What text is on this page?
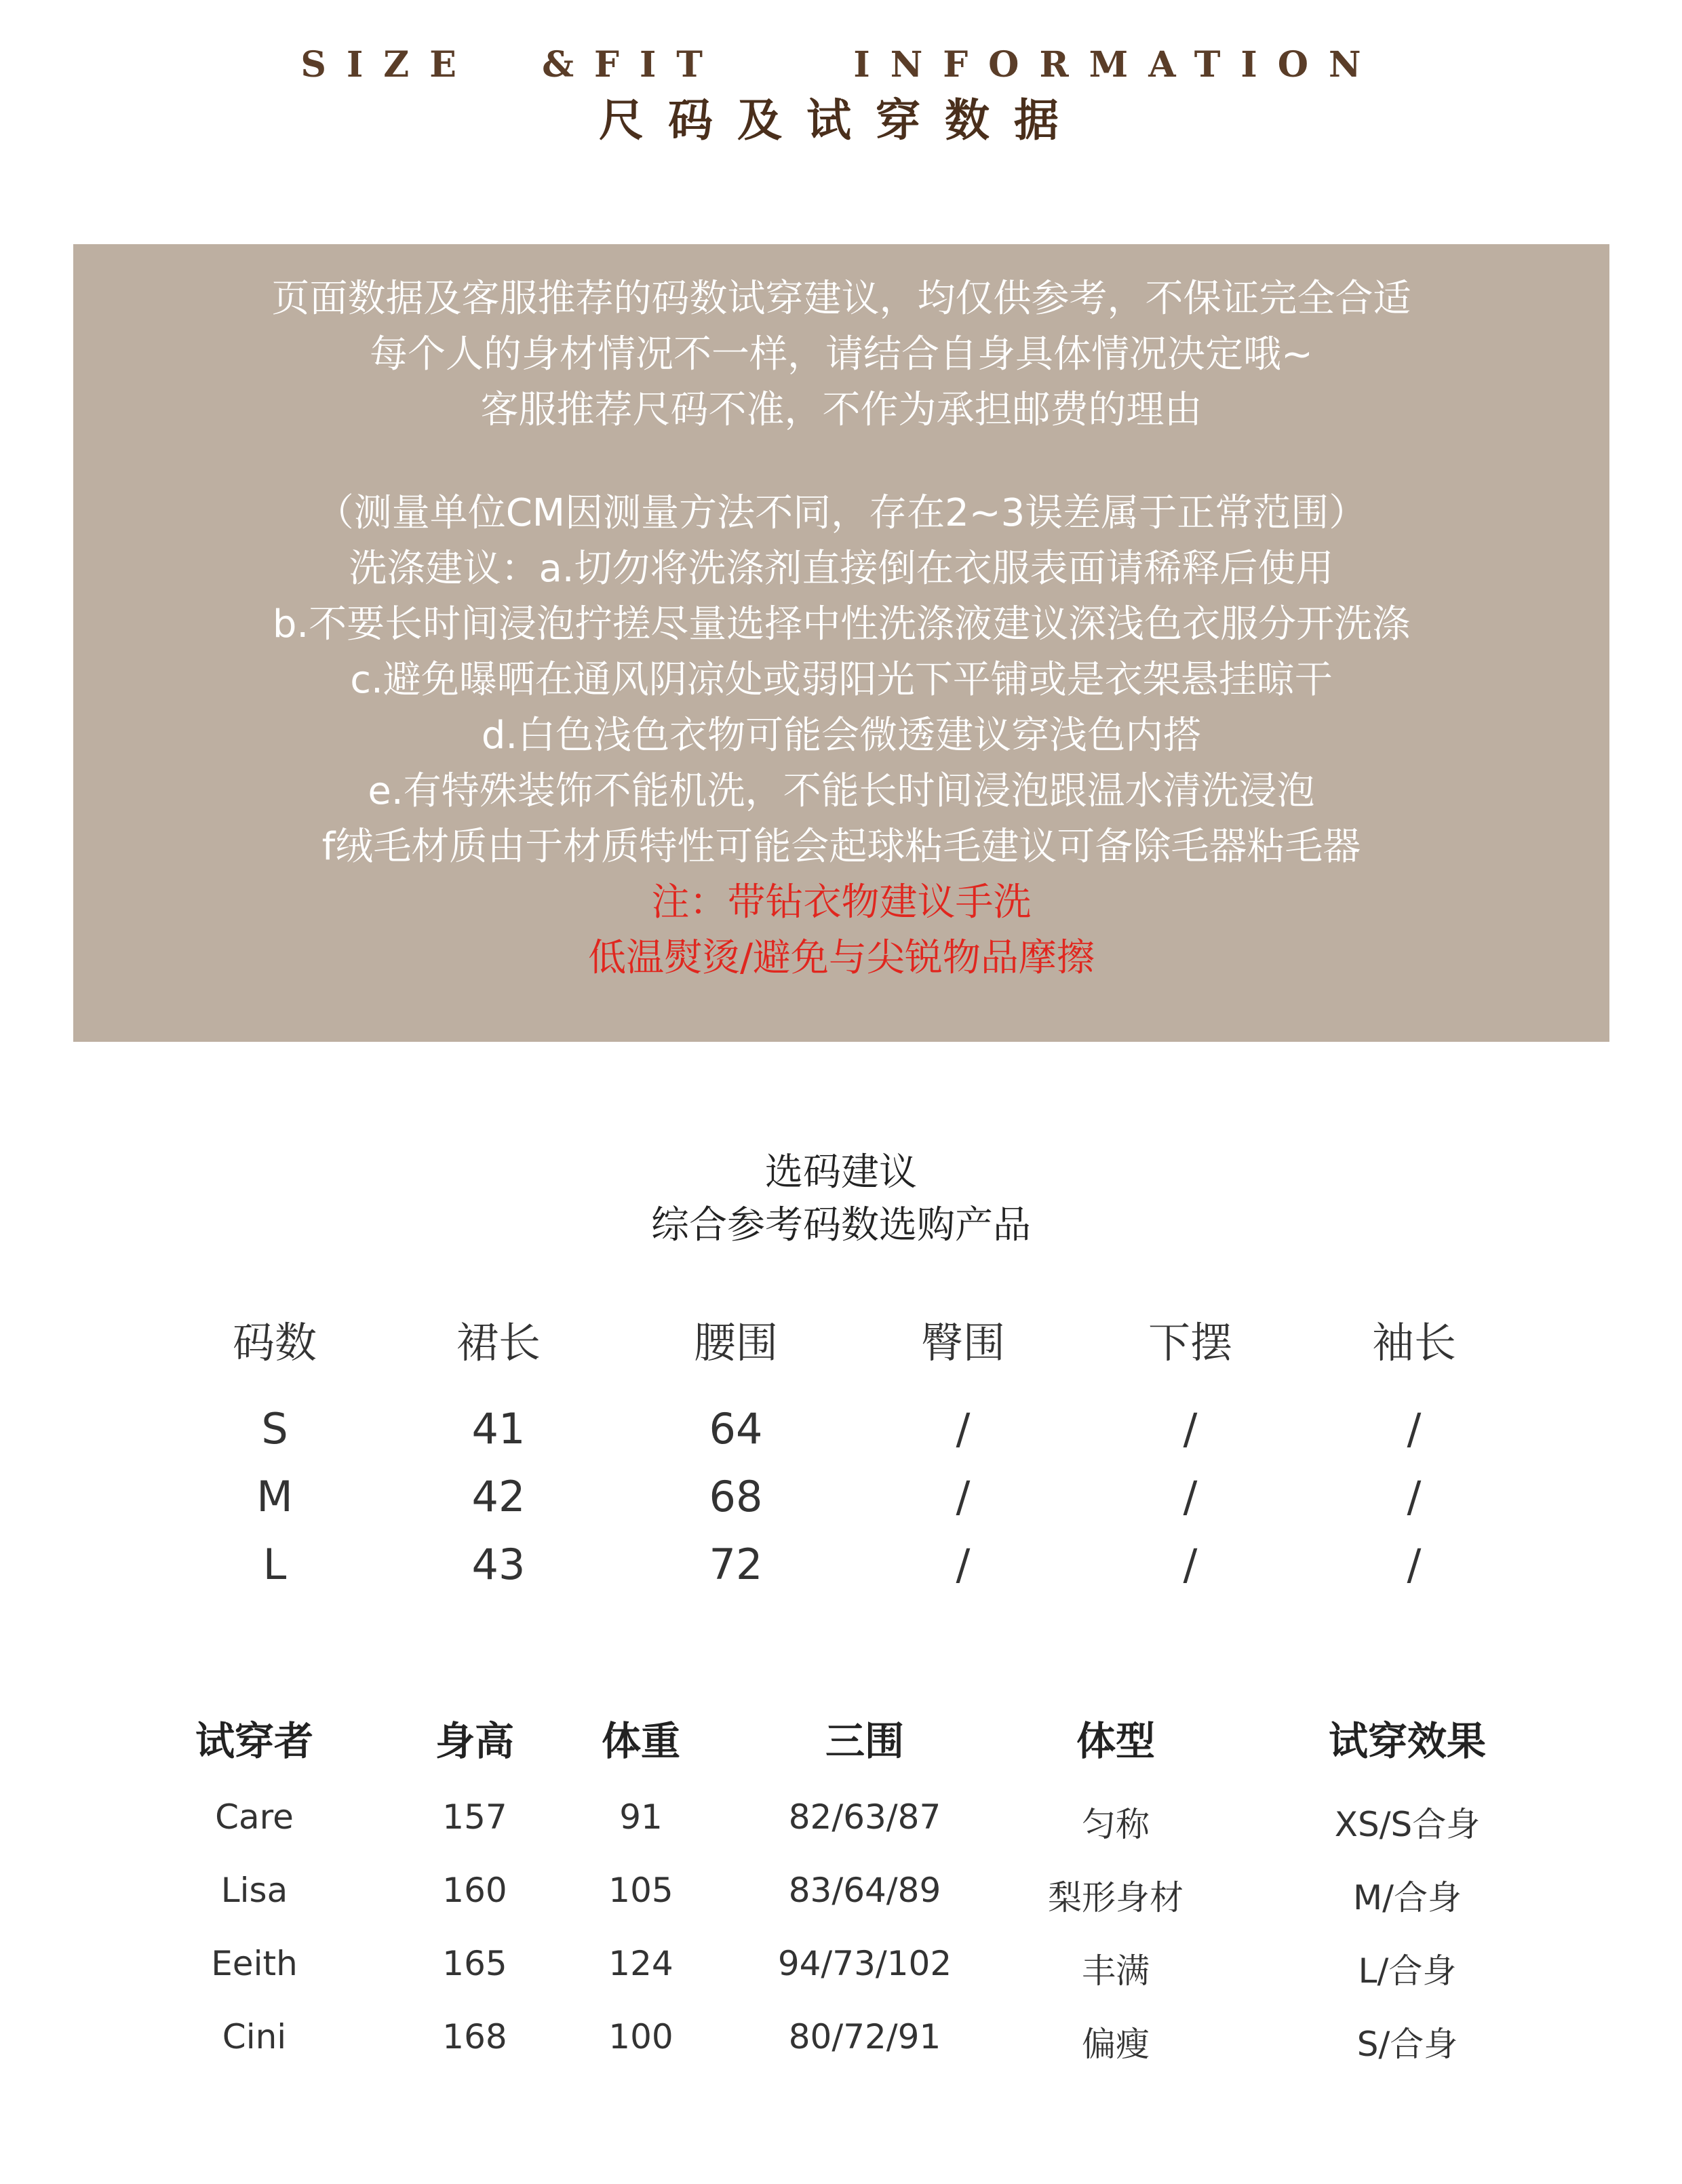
SIZE  &FIT    INFORMATION
尺码及试穿数据
页面数据及客服推荐的码数试穿建议，均仅供参考，不保证完全合适
每个人的身材情况不一样，请结合自身具体情况决定哦~
客服推荐尺码不准，不作为承担邮费的理由
（测量单位CM因测量方法不同，存在2~3误差属于正常范围）
洗涤建议：a.切勿将洗涤剂直接倒在衣服表面请稀释后使用
b.不要长时间浸泡拧搓尽量选择中性洗涤液建议深浅色衣服分开洗涤
c.避免曝晒在通风阴凉处或弱阳光下平铺或是衣架悬挂晾干
d.白色浅色衣物可能会微透建议穿浅色内搭
e.有特殊装饰不能机洗，不能长时间浸泡跟温水清洗浸泡
f绒毛材质由于材质特性可能会起球粘毛建议可备除毛器粘毛器
注：带钻衣物建议手洗
低温熨烫/避免与尖锐物品摩擦
选码建议
综合参考码数选购产品
码数	裙长	腰围	臀围	下摆	袖长
S	41	64	/	/	/
M	42	68	/	/	/
L	43	72	/	/	/
试穿者	身高	体重	三围	体型	试穿效果
Care	157	91	82/63/87	匀称	XS/S合身
Lisa	160	105	83/64/89	梨形身材	M/合身
Eeith	165	124	94/73/102	丰满	L/合身
Cini	168	100	80/72/91	偏瘦	S/合身
